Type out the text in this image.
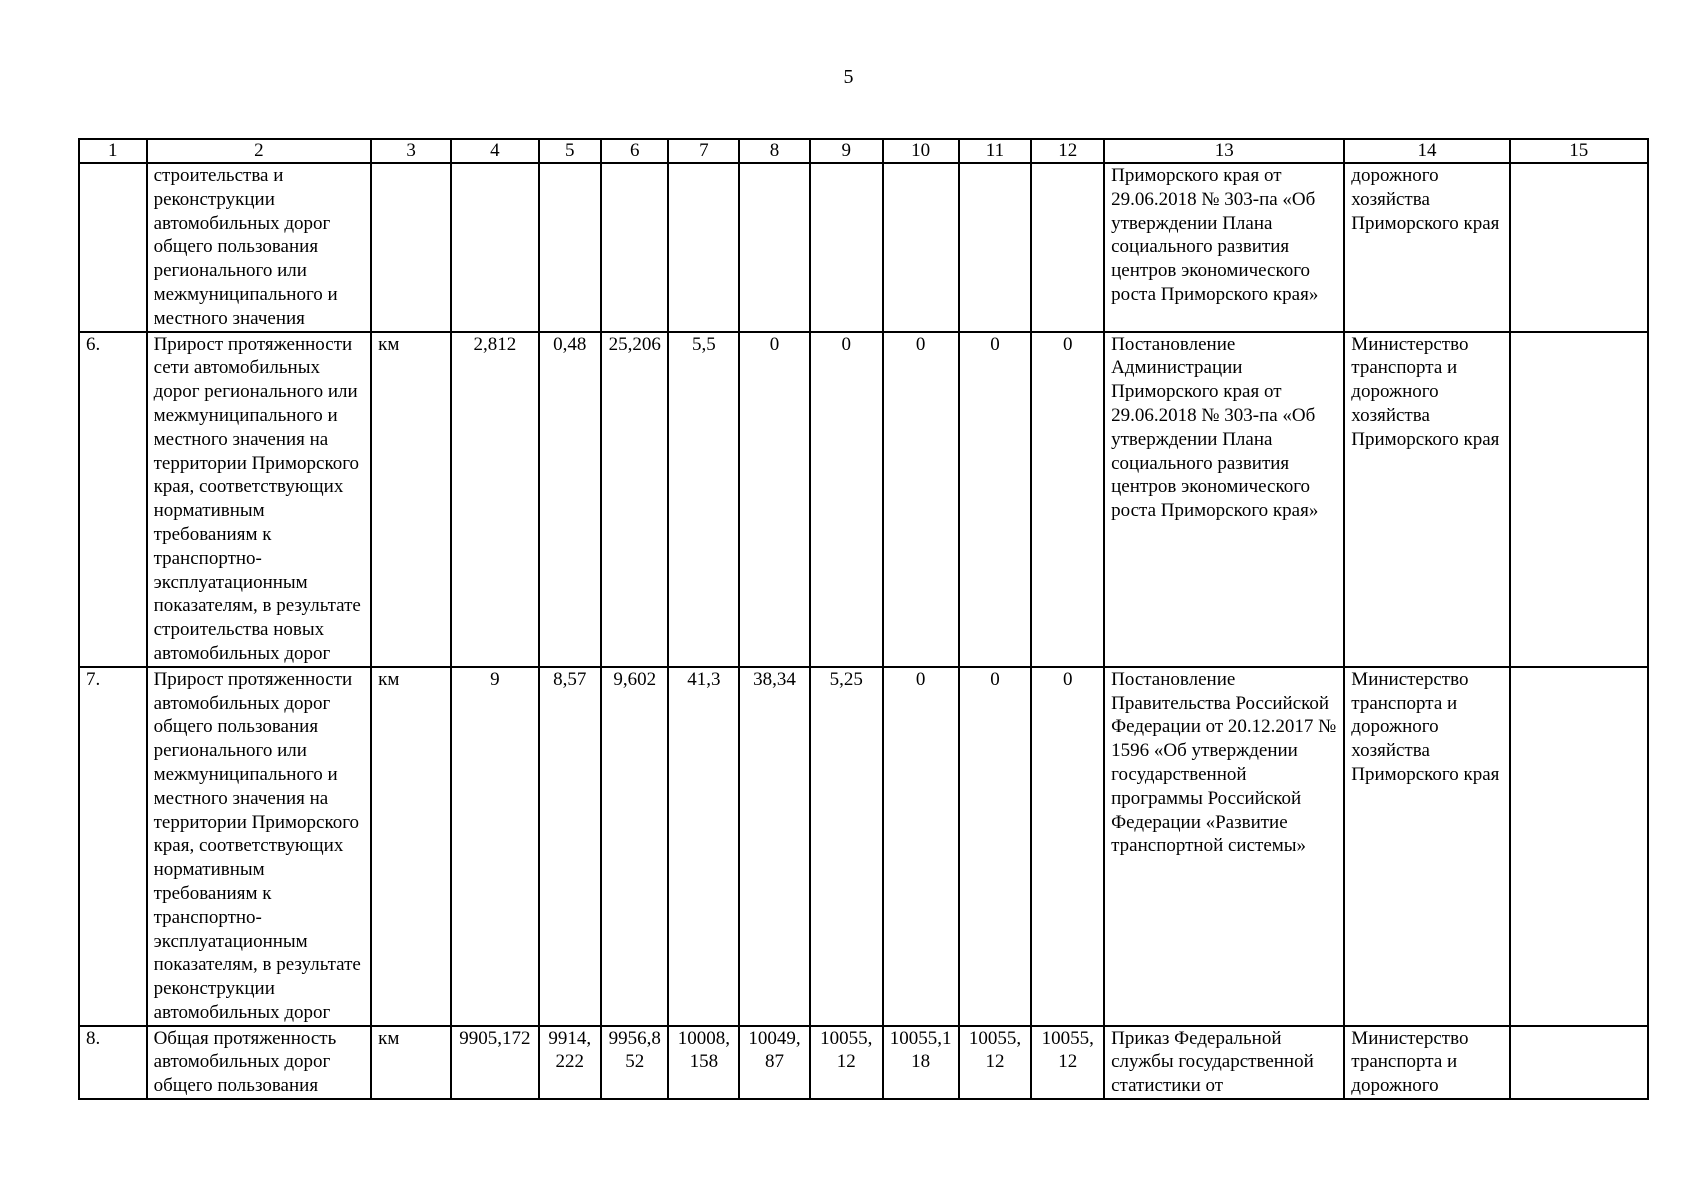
5
1	2	3	4	5	6	7	8	9	10	11	12	13	14	15
	строительства и реконструкции автомобильных дорог общего пользования регионального или межмуниципального и местного значения											Приморского края от 29.06.2018 № 303-па «Об утверждении Плана социального развития центров экономического роста Приморского края»	дорожного хозяйства Приморского края	
6.	Прирост протяженности сети автомобильных дорог регионального или межмуниципального и местного значения на территории Приморского края, соответствующих нормативным требованиям к транспортно-эксплуатационным показателям, в результате строительства новых автомобильных дорог	км	2,812	0,48	25,206	5,5	0	0	0	0	0	Постановление Администрации Приморского края от 29.06.2018 № 303-па «Об утверждении Плана социального развития центров экономического роста Приморского края»	Министерство транспорта и дорожного хозяйства Приморского края	
7.	Прирост протяженности автомобильных дорог общего пользования регионального или межмуниципального и местного значения на территории Приморского края, соответствующих нормативным требованиям к транспортно-эксплуатационным показателям, в результате реконструкции автомобильных дорог	км	9	8,57	9,602	41,3	38,34	5,25	0	0	0	Постановление Правительства Российской Федерации от 20.12.2017 № 1596 «Об утверждении государственной программы Российской Федерации «Развитие транспортной системы»	Министерство транспорта и дорожного хозяйства Приморского края	
8.	Общая протяженность автомобильных дорог общего пользования	км	9905,172	9914,222	9956,852	10008,158	10049,87	10055,12	10055,118	10055,12	10055,12	Приказ Федеральной службы государственной статистики от	Министерство транспорта и дорожного	
